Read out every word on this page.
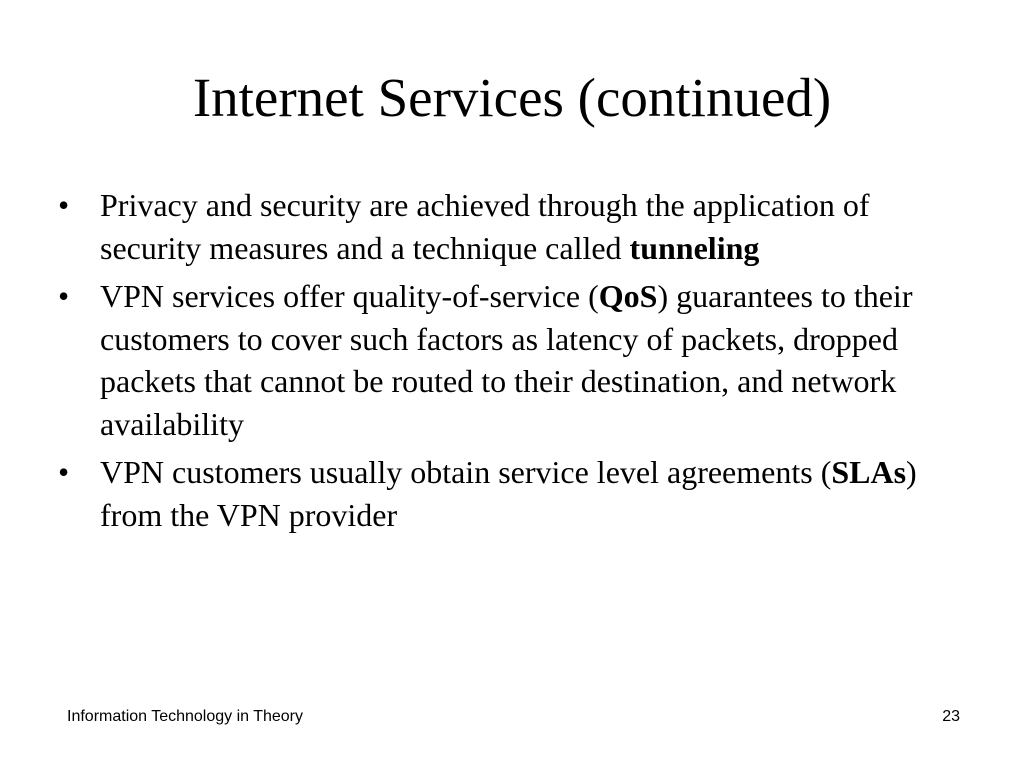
Internet Services (continued)
• Privacy and security are achieved through the application of security measures and a technique called tunneling
• VPN services offer quality-of-service (QoS) guarantees to their customers to cover such factors as latency of packets, dropped packets that cannot be routed to their destination, and network availability
• VPN customers usually obtain service level agreements (SLAs) from the VPN provider
Information Technology in Theory	23
